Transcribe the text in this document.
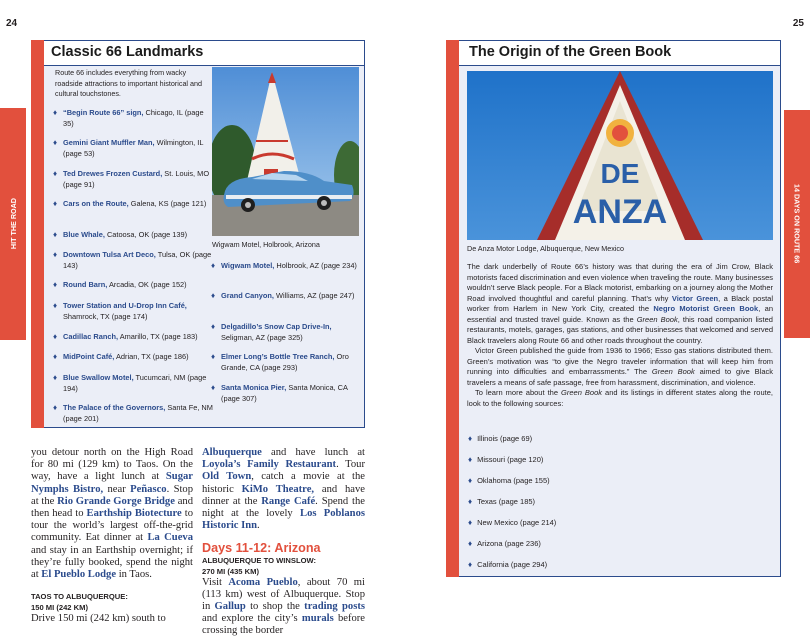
24	25
HIT THE ROAD	14 DAYS ON ROUTE 66
Classic 66 Landmarks
Route 66 includes everything from wacky roadside attractions to important historical and cultural touchstones.
♦ “Begin Route 66” sign, Chicago, IL (page 35)
♦ Gemini Giant Muffler Man, Wilmington, IL (page 53)
♦ Ted Drewes Frozen Custard, St. Louis, MO (page 91)
♦ Cars on the Route, Galena, KS (page 121)
♦ Blue Whale, Catoosa, OK (page 139)
♦ Downtown Tulsa Art Deco, Tulsa, OK (page 143)
♦ Round Barn, Arcadia, OK (page 152)
♦ Tower Station and U-Drop Inn Café, Shamrock, TX (page 174)
♦ Cadillac Ranch, Amarillo, TX (page 183)
♦ MidPoint Café, Adrian, TX (page 186)
♦ Blue Swallow Motel, Tucumcari, NM (page 194)
♦ The Palace of the Governors, Santa Fe, NM (page 201)
♦ Wigwam Motel, Holbrook, AZ (page 234)
♦ Grand Canyon, Williams, AZ (page 247)
♦ Delgadillo’s Snow Cap Drive-In, Seligman, AZ (page 325)
♦ Elmer Long’s Bottle Tree Ranch, Oro Grande, CA (page 293)
♦ Santa Monica Pier, Santa Monica, CA (page 307)
Wigwam Motel, Holbrook, Arizona
you detour north on the High Road for 80 mi (129 km) to Taos. On the way, have a light lunch at Sugar Nymphs Bistro, near Peñasco. Stop at the Rio Grande Gorge Bridge and then head to Earthship Biotecture to tour the world’s largest off-the-grid community. Eat dinner at La Cueva and stay in an Earthship overnight; if they’re fully booked, spend the night at El Pueblo Lodge in Taos.
TAOS TO ALBUQUERQUE:
150 MI (242 KM)
Drive 150 mi (242 km) south to
Albuquerque and have lunch at Loyola’s Family Restaurant. Tour Old Town, catch a movie at the historic KiMo Theatre, and have dinner at the Range Café. Spend the night at the lovely Los Poblanos Historic Inn.
Days 11-12: Arizona
ALBUQUERQUE TO WINSLOW:
270 MI (435 KM)
Visit Acoma Pueblo, about 70 mi (113 km) west of Albuquerque. Stop in Gallup to shop the trading posts and explore the city’s murals before crossing the border
The Origin of the Green Book
DE
ANZA
De Anza Motor Lodge, Albuquerque, New Mexico
The dark underbelly of Route 66’s history was that during the era of Jim Crow, Black motorists faced discrimination and even violence when traveling the route. Many businesses wouldn’t serve Black people. For a Black motorist, embarking on a journey along the Mother Road involved thoughtful and careful planning. That’s why Victor Green, a Black postal worker from Harlem in New York City, created the Negro Motorist Green Book, an essential and trusted travel guide. Known as the Green Book, this road companion listed restaurants, motels, garages, gas stations, and other businesses that welcomed and served Black travelers along Route 66 and other roads throughout the country.
Victor Green published the guide from 1936 to 1966; Esso gas stations distributed them. Green’s motivation was “to give the Negro traveler information that will keep him from running into difficulties and embarrassments.” The Green Book aimed to give Black travelers a means of safe passage, free from harassment, discrimination, and violence.
To learn more about the Green Book and its listings in different states along the route, look to the following sources:
♦ Illinois (page 69)
♦ Missouri (page 120)
♦ Oklahoma (page 155)
♦ Texas (page 185)
♦ New Mexico (page 214)
♦ Arizona (page 236)
♦ California (page 294)
